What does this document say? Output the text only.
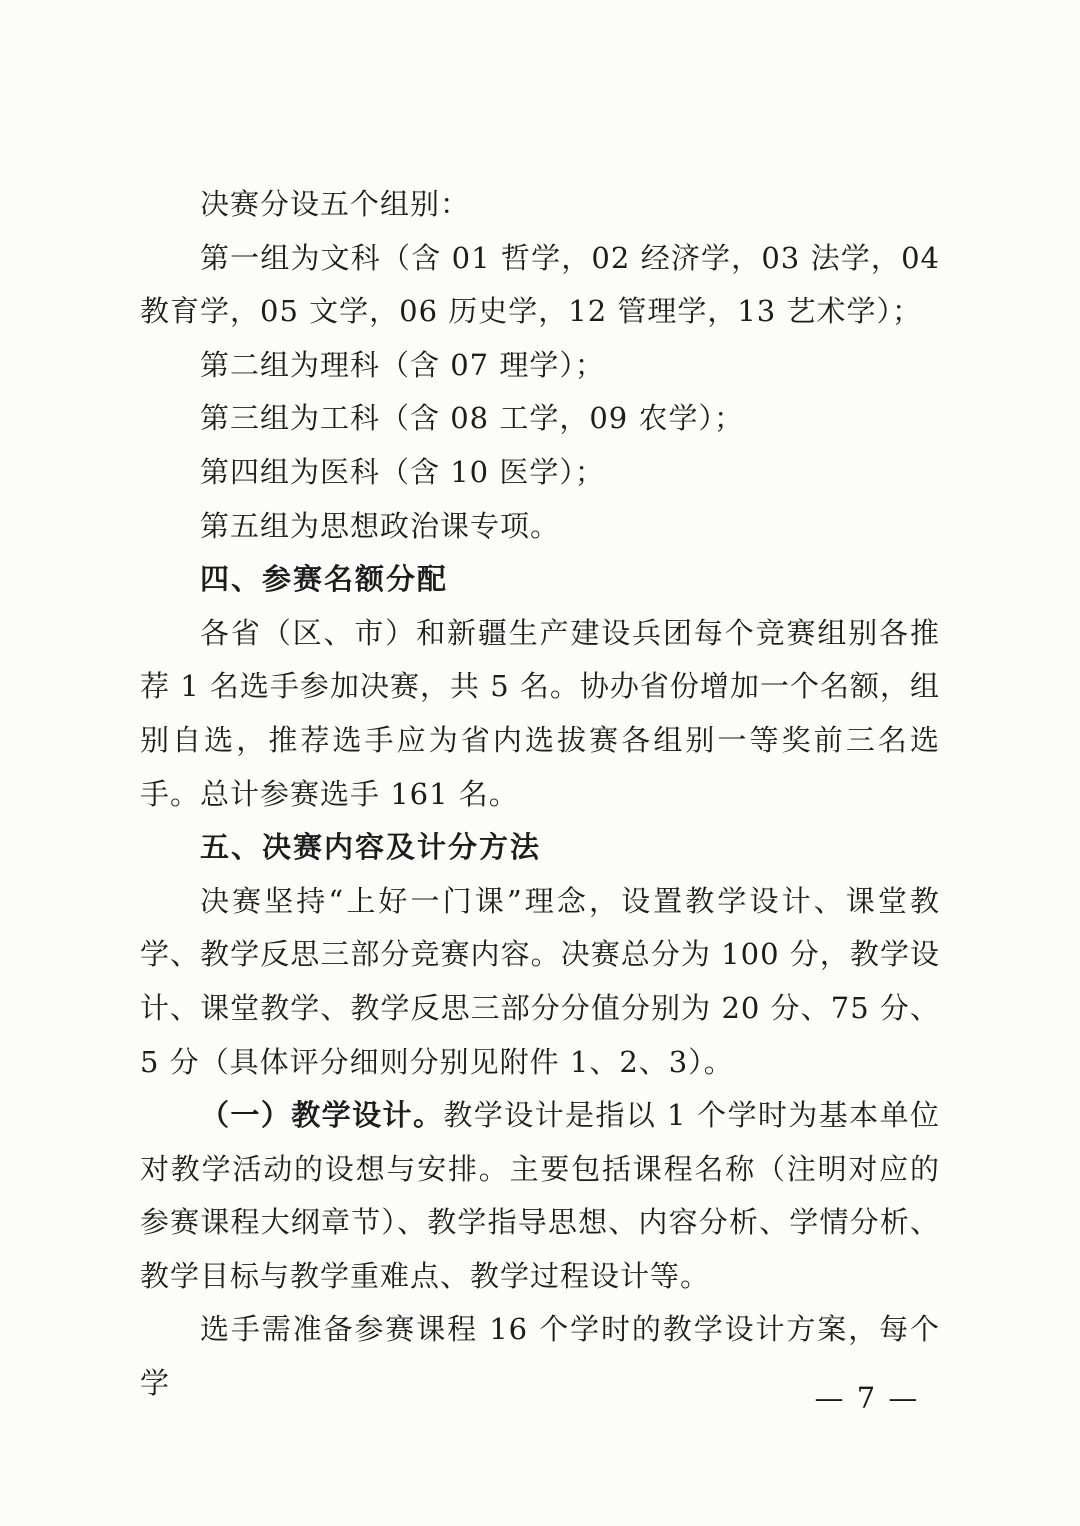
决赛分设五个组别：

第一组为文科（含 01 哲学，02 经济学，03 法学，04 教育学，05 文学，06 历史学，12 管理学，13 艺术学）；

第二组为理科（含 07 理学）；

第三组为工科（含 08 工学，09 农学）；

第四组为医科（含 10 医学）；

第五组为思想政治课专项。

四、参赛名额分配

各省（区、市）和新疆生产建设兵团每个竞赛组别各推荐 1 名选手参加决赛，共 5 名。协办省份增加一个名额，组别自选，推荐选手应为省内选拔赛各组别一等奖前三名选手。总计参赛选手 161 名。

五、决赛内容及计分方法

决赛坚持“上好一门课”理念，设置教学设计、课堂教学、教学反思三部分竞赛内容。决赛总分为 100 分，教学设计、课堂教学、教学反思三部分分值分别为 20 分、75 分、5 分（具体评分细则分别见附件 1、2、3）。

（一）教学设计。教学设计是指以 1 个学时为基本单位对教学活动的设想与安排。主要包括课程名称（注明对应的参赛课程大纲章节）、教学指导思想、内容分析、学情分析、教学目标与教学重难点、教学过程设计等。

选手需准备参赛课程 16 个学时的教学设计方案，每个学	— 7 —
